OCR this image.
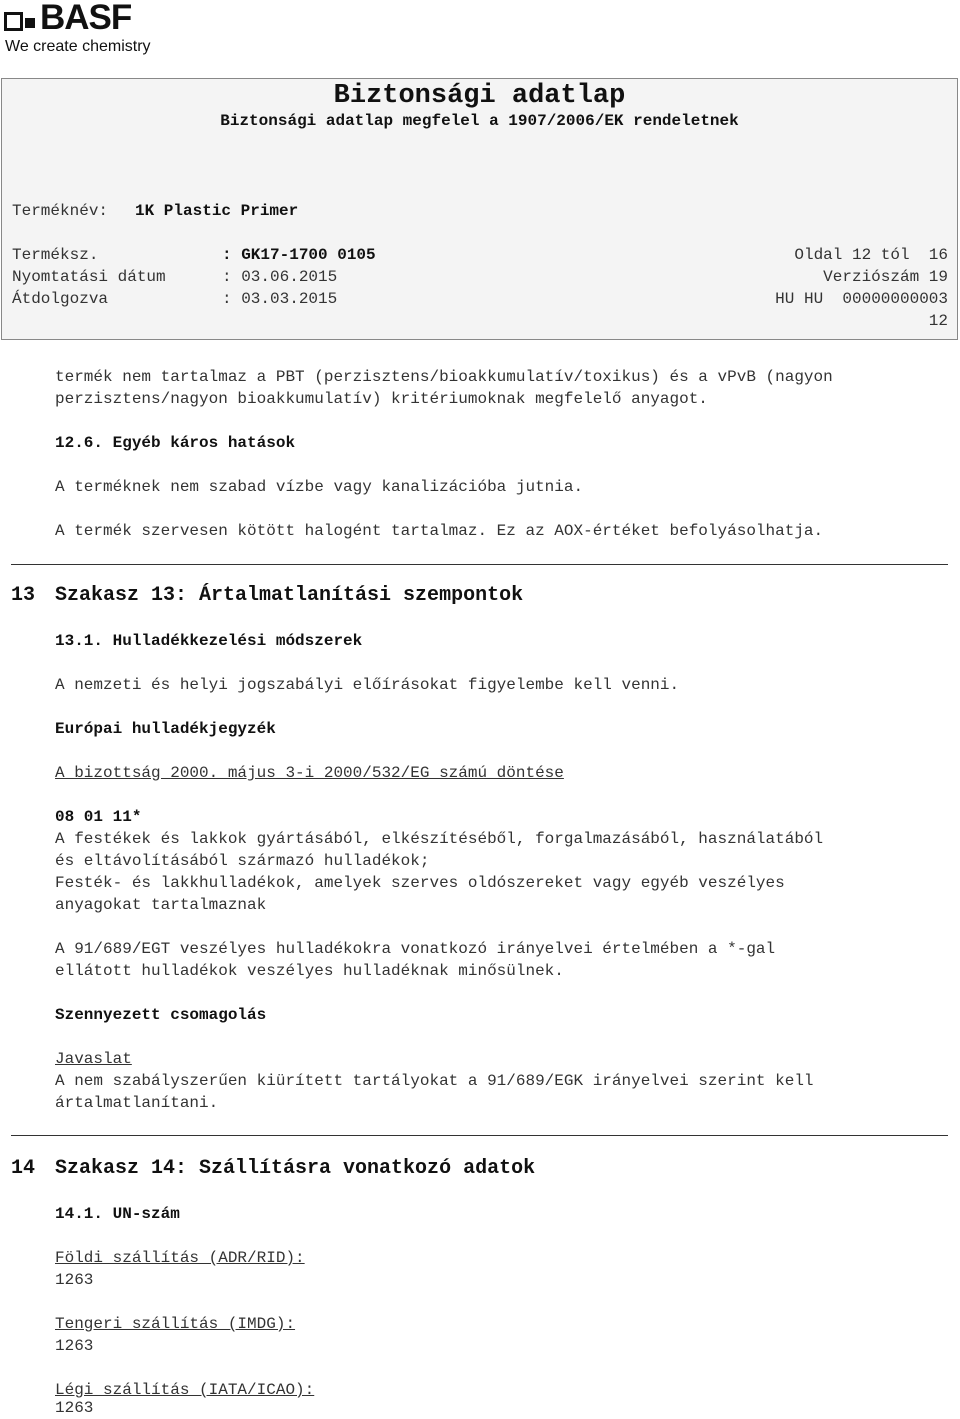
BASF
We create chemistry
Biztonsági adatlap
Biztonsági adatlap megfelel a 1907/2006/EK rendeletnek
Terméknév: 1K Plastic Primer
Terméksz.	: GK17-1700 0105	Oldal 12 tól  16
Nyomtatási dátum	: 03.06.2015	Verziószám 19
Átdolgozva	: 03.03.2015	HU HU  00000000003
12
termék nem tartalmaz a PBT (perzisztens/bioakkumulatív/toxikus) és a vPvB (nagyon
perzisztens/nagyon bioakkumulatív) kritériumoknak megfelelő anyagot.
12.6. Egyéb káros hatások
A terméknek nem szabad vízbe vagy kanalizációba jutnia.
A termék szervesen kötött halogént tartalmaz. Ez az AOX-értéket befolyásolhatja.
13 Szakasz 13: Ártalmatlanítási szempontok
13.1. Hulladékkezelési módszerek
A nemzeti és helyi jogszabályi előírásokat figyelembe kell venni.
Európai hulladékjegyzék
A bizottság 2000. május 3-i 2000/532/EG számú döntése
08 01 11*
A festékek és lakkok gyártásából, elkészítéséből, forgalmazásából, használatából
és eltávolításából származó hulladékok;
Festék- és lakkhulladékok, amelyek szerves oldószereket vagy egyéb veszélyes
anyagokat tartalmaznak
A 91/689/EGT veszélyes hulladékokra vonatkozó irányelvei értelmében a *-gal
ellátott hulladékok veszélyes hulladéknak minősülnek.
Szennyezett csomagolás
Javaslat
A nem szabályszerűen kiürített tartályokat a 91/689/EGK irányelvei szerint kell
ártalmatlanítani.
14 Szakasz 14: Szállításra vonatkozó adatok
14.1. UN-szám
Földi szállítás (ADR/RID):
1263
Tengeri szállítás (IMDG):
1263
Légi szállítás (IATA/ICAO):
1263
